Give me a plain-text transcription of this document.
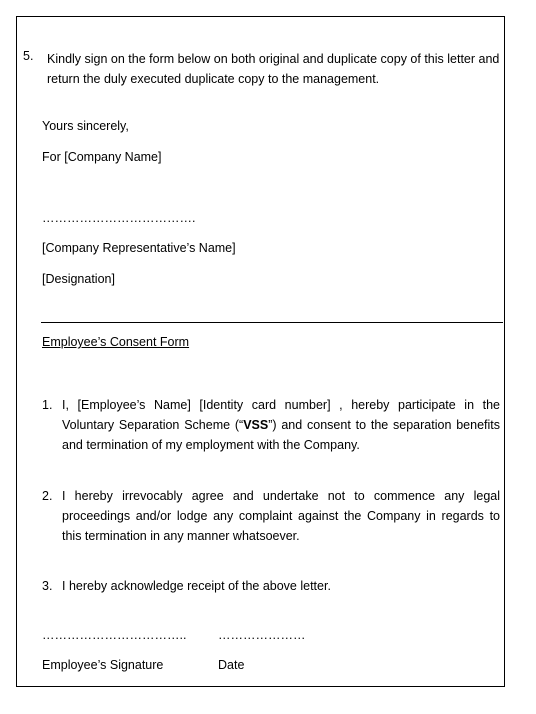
5. Kindly sign on the form below on both original and duplicate copy of this letter and return the duly executed duplicate copy to the management.
Yours sincerely,
For [Company Name]
……………………………….
[Company Representative’s Name]
[Designation]
Employee’s Consent Form
1. I, [Employee’s Name] [Identity card number] , hereby participate in the Voluntary Separation Scheme (“VSS”) and consent to the separation benefits and termination of my employment with the Company.
2. I hereby irrevocably agree and undertake not to commence any legal proceedings and/or lodge any complaint against the Company in regards to this termination in any manner whatsoever.
3. I hereby acknowledge receipt of the above letter.
……………………………..	…………………
Employee’s Signature	Date
